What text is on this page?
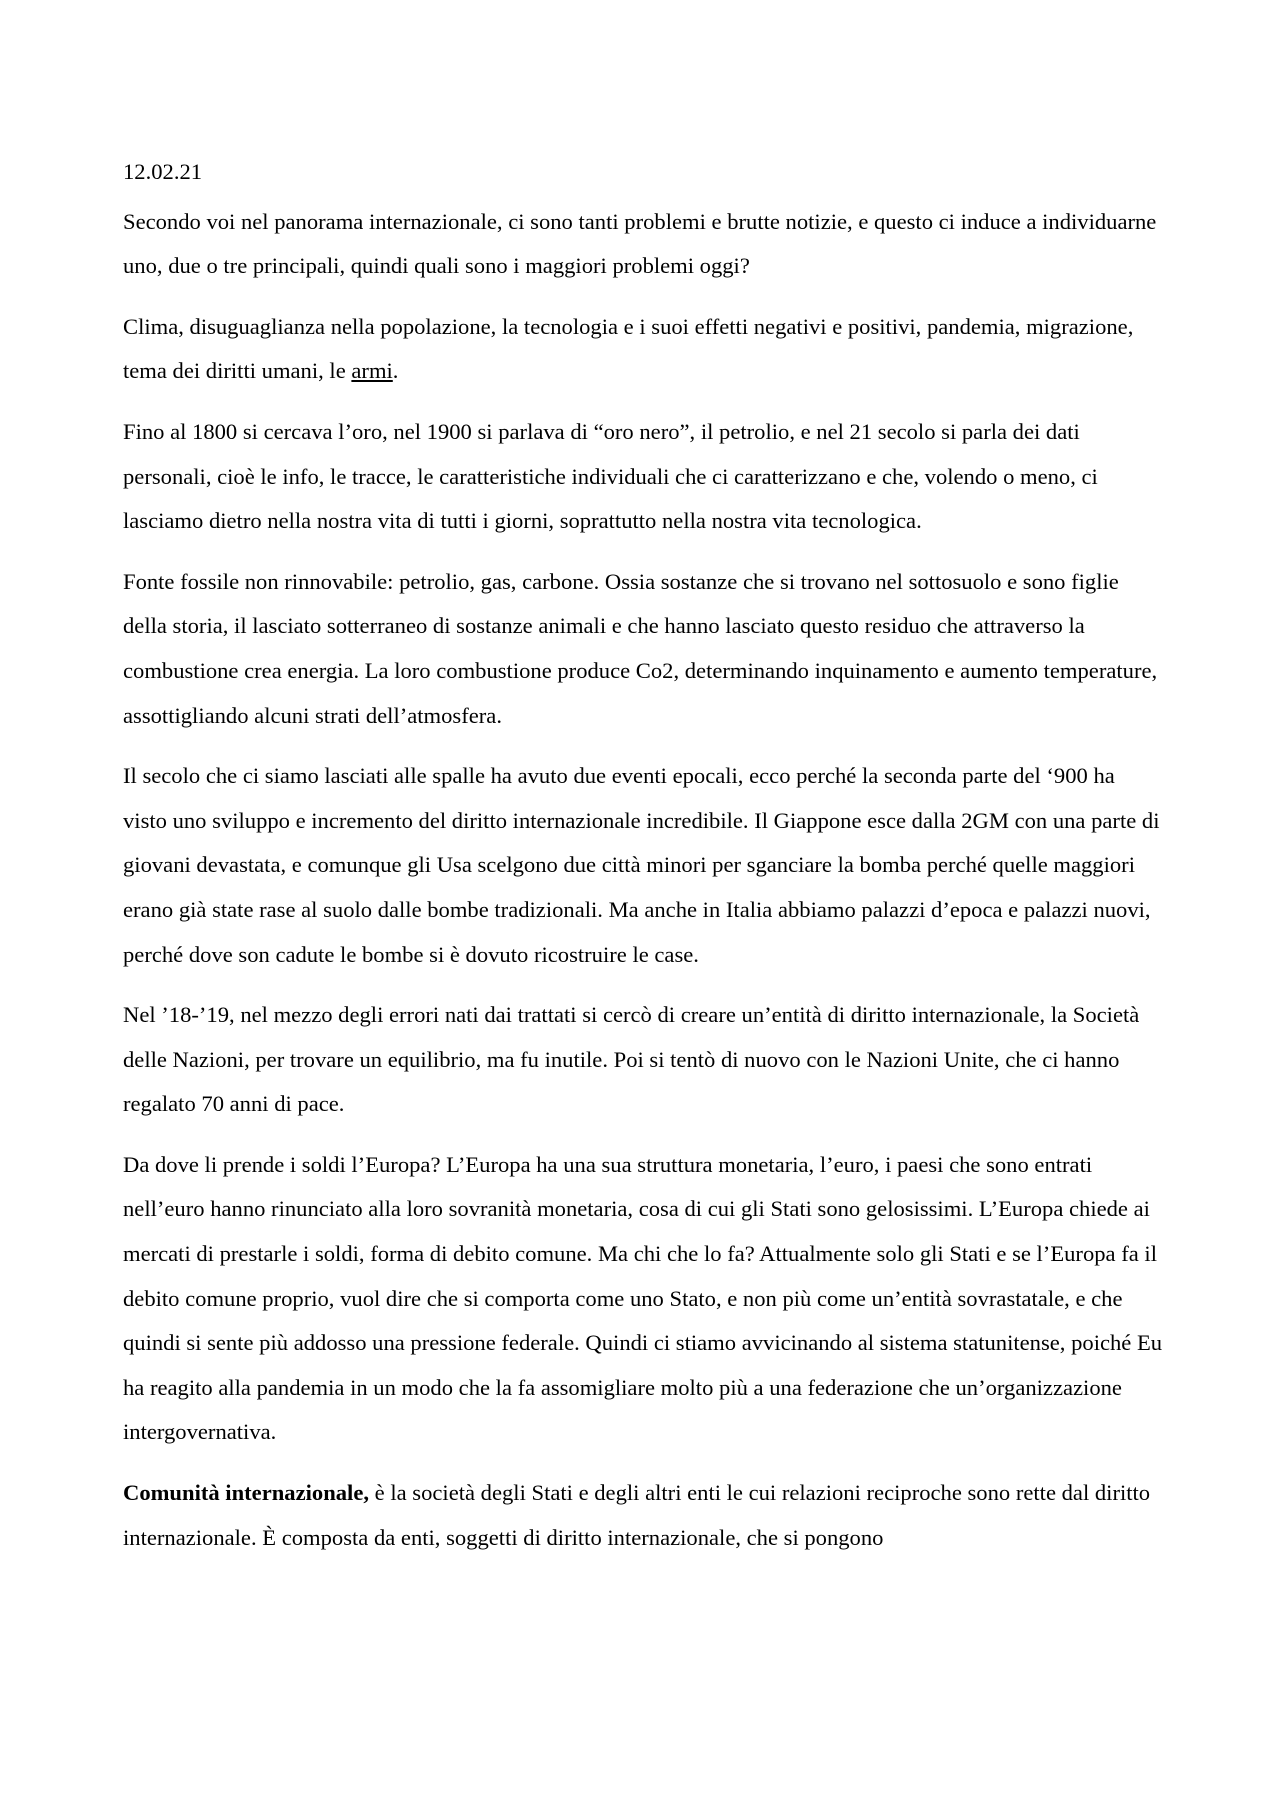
12.02.21

Secondo voi nel panorama internazionale, ci sono tanti problemi e brutte notizie, e questo ci induce a individuarne uno, due o tre principali, quindi quali sono i maggiori problemi oggi?

Clima, disuguaglianza nella popolazione, la tecnologia e i suoi effetti negativi e positivi, pandemia, migrazione, tema dei diritti umani, le armi.

Fino al 1800 si cercava l’oro, nel 1900 si parlava di “oro nero”, il petrolio, e nel 21 secolo si parla dei dati personali, cioè le info, le tracce, le caratteristiche individuali che ci caratterizzano e che, volendo o meno, ci lasciamo dietro nella nostra vita di tutti i giorni, soprattutto nella nostra vita tecnologica.

Fonte fossile non rinnovabile: petrolio, gas, carbone. Ossia sostanze che si trovano nel sottosuolo e sono figlie della storia, il lasciato sotterraneo di sostanze animali e che hanno lasciato questo residuo che attraverso la combustione crea energia. La loro combustione produce Co2, determinando inquinamento e aumento temperature, assottigliando alcuni strati dell’atmosfera.

Il secolo che ci siamo lasciati alle spalle ha avuto due eventi epocali, ecco perché la seconda parte del ‘900 ha visto uno sviluppo e incremento del diritto internazionale incredibile. Il Giappone esce dalla 2GM con una parte di giovani devastata, e comunque gli Usa scelgono due città minori per sganciare la bomba perché quelle maggiori erano già state rase al suolo dalle bombe tradizionali. Ma anche in Italia abbiamo palazzi d’epoca e palazzi nuovi, perché dove son cadute le bombe si è dovuto ricostruire le case.

Nel ’18-’19, nel mezzo degli errori nati dai trattati si cercò di creare un’entità di diritto internazionale, la Società delle Nazioni, per trovare un equilibrio, ma fu inutile. Poi si tentò di nuovo con le Nazioni Unite, che ci hanno regalato 70 anni di pace.

Da dove li prende i soldi l’Europa? L’Europa ha una sua struttura monetaria, l’euro, i paesi che sono entrati nell’euro hanno rinunciato alla loro sovranità monetaria, cosa di cui gli Stati sono gelosissimi. L’Europa chiede ai mercati di prestarle i soldi, forma di debito comune. Ma chi che lo fa? Attualmente solo gli Stati e se l’Europa fa il debito comune proprio, vuol dire che si comporta come uno Stato, e non più come un’entità sovrastatale, e che quindi si sente più addosso una pressione federale. Quindi ci stiamo avvicinando al sistema statunitense, poiché Eu ha reagito alla pandemia in un modo che la fa assomigliare molto più a una federazione che un’organizzazione intergovernativa.

Comunità internazionale, è la società degli Stati e degli altri enti le cui relazioni reciproche sono rette dal diritto internazionale. È composta da enti, soggetti di diritto internazionale, che si pongono
